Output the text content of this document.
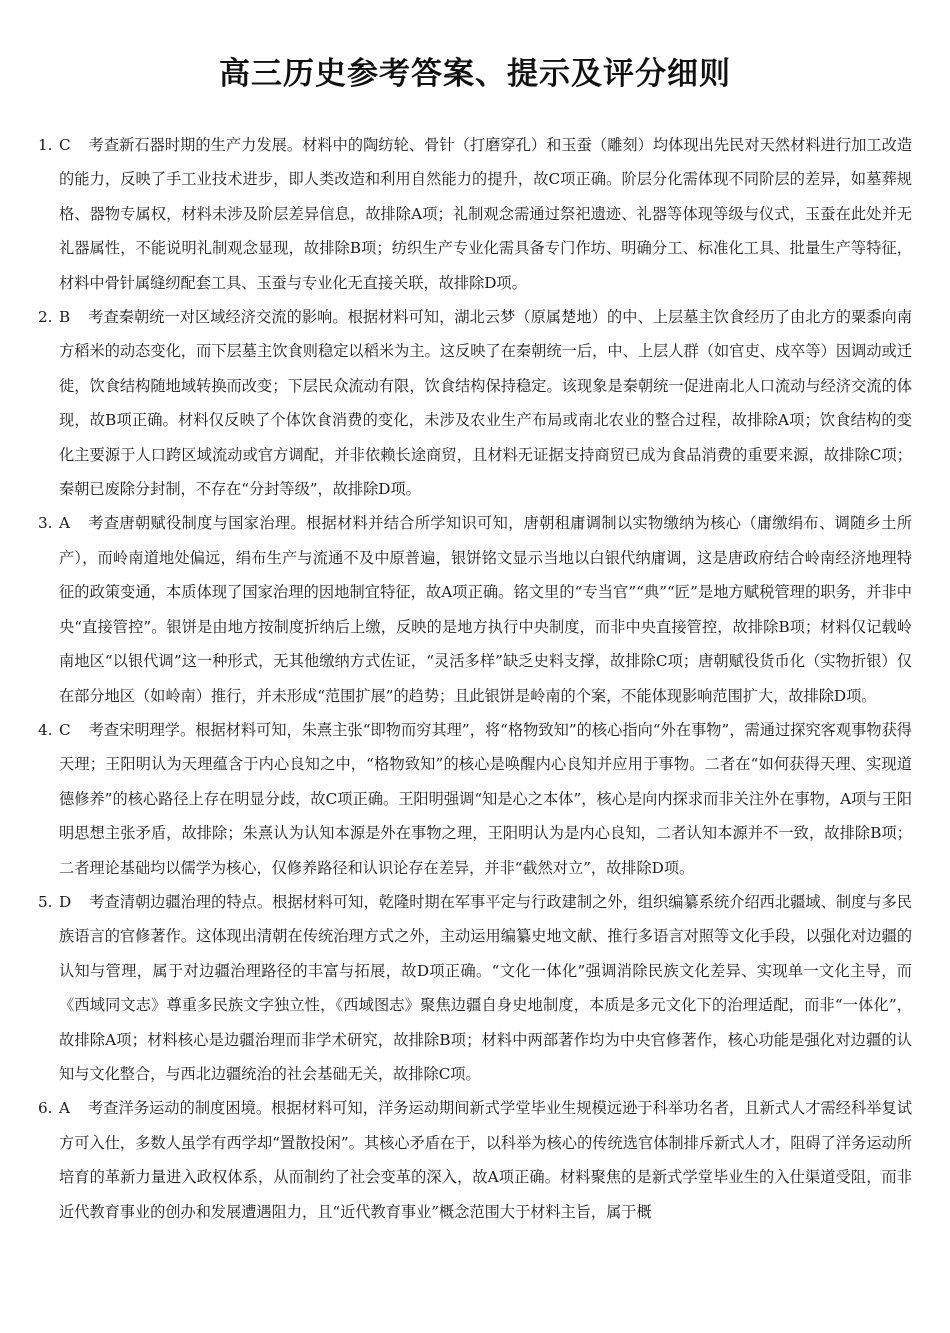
高三历史参考答案、提示及评分细则
1. C 考查新石器时期的生产力发展。材料中的陶纺轮、骨针（打磨穿孔）和玉蚕（雕刻）均体现出先民对天然材料进行加工改造的能力，反映了手工业技术进步，即人类改造和利用自然能力的提升，故C项正确。阶层分化需体现不同阶层的差异，如墓葬规格、器物专属权，材料未涉及阶层差异信息，故排除A项；礼制观念需通过祭祀遗迹、礼器等体现等级与仪式，玉蚕在此处并无礼器属性，不能说明礼制观念显现，故排除B项；纺织生产专业化需具备专门作坊、明确分工、标准化工具、批量生产等特征，材料中骨针属缝纫配套工具、玉蚕与专业化无直接关联，故排除D项。
2. B 考查秦朝统一对区域经济交流的影响。根据材料可知，湖北云梦（原属楚地）的中、上层墓主饮食经历了由北方的粟黍向南方稻米的动态变化，而下层墓主饮食则稳定以稻米为主。这反映了在秦朝统一后，中、上层人群（如官吏、戍卒等）因调动或迁徙，饮食结构随地域转换而改变；下层民众流动有限，饮食结构保持稳定。该现象是秦朝统一促进南北人口流动与经济交流的体现，故B项正确。材料仅反映了个体饮食消费的变化，未涉及农业生产布局或南北农业的整合过程，故排除A项；饮食结构的变化主要源于人口跨区域流动或官方调配，并非依赖长途商贸，且材料无证据支持商贸已成为食品消费的重要来源，故排除C项；秦朝已废除分封制，不存在“分封等级”，故排除D项。
3. A 考查唐朝赋役制度与国家治理。根据材料并结合所学知识可知，唐朝租庸调制以实物缴纳为核心（庸缴绢布、调随乡土所产），而岭南道地处偏远，绢布生产与流通不及中原普遍，银饼铭文显示当地以白银代纳庸调，这是唐政府结合岭南经济地理特征的政策变通，本质体现了国家治理的因地制宜特征，故A项正确。铭文里的“专当官”“典”“匠”是地方赋税管理的职务，并非中央“直接管控”。银饼是由地方按制度折纳后上缴，反映的是地方执行中央制度，而非中央直接管控，故排除B项；材料仅记载岭南地区“以银代调”这一种形式，无其他缴纳方式佐证，“灵活多样”缺乏史料支撑，故排除C项；唐朝赋役货币化（实物折银）仅在部分地区（如岭南）推行，并未形成“范围扩展”的趋势；且此银饼是岭南的个案，不能体现影响范围扩大，故排除D项。
4. C 考查宋明理学。根据材料可知，朱熹主张“即物而穷其理”，将“格物致知”的核心指向“外在事物”，需通过探究客观事物获得天理；王阳明认为天理蕴含于内心良知之中，“格物致知”的核心是唤醒内心良知并应用于事物。二者在“如何获得天理、实现道德修养”的核心路径上存在明显分歧，故C项正确。王阳明强调“知是心之本体”，核心是向内探求而非关注外在事物，A项与王阳明思想主张矛盾，故排除；朱熹认为认知本源是外在事物之理，王阳明认为是内心良知，二者认知本源并不一致，故排除B项；二者理论基础均以儒学为核心，仅修养路径和认识论存在差异，并非“截然对立”，故排除D项。
5. D 考查清朝边疆治理的特点。根据材料可知，乾隆时期在军事平定与行政建制之外，组织编纂系统介绍西北疆域、制度与多民族语言的官修著作。这体现出清朝在传统治理方式之外，主动运用编纂史地文献、推行多语言对照等文化手段，以强化对边疆的认知与管理，属于对边疆治理路径的丰富与拓展，故D项正确。“文化一体化”强调消除民族文化差异、实现单一文化主导，而《西域同文志》尊重多民族文字独立性，《西域图志》聚焦边疆自身史地制度，本质是多元文化下的治理适配，而非“一体化”，故排除A项；材料核心是边疆治理而非学术研究，故排除B项；材料中两部著作均为中央官修著作，核心功能是强化对边疆的认知与文化整合，与西北边疆统治的社会基础无关，故排除C项。
6. A 考查洋务运动的制度困境。根据材料可知，洋务运动期间新式学堂毕业生规模远逊于科举功名者，且新式人才需经科举复试方可入仕，多数人虽学有西学却“置散投闲”。其核心矛盾在于，以科举为核心的传统选官体制排斥新式人才，阻碍了洋务运动所培育的革新力量进入政权体系，从而制约了社会变革的深入，故A项正确。材料聚焦的是新式学堂毕业生的入仕渠道受阻，而非近代教育事业的创办和发展遭遇阻力，且“近代教育事业”概念范围大于材料主旨，属于概
